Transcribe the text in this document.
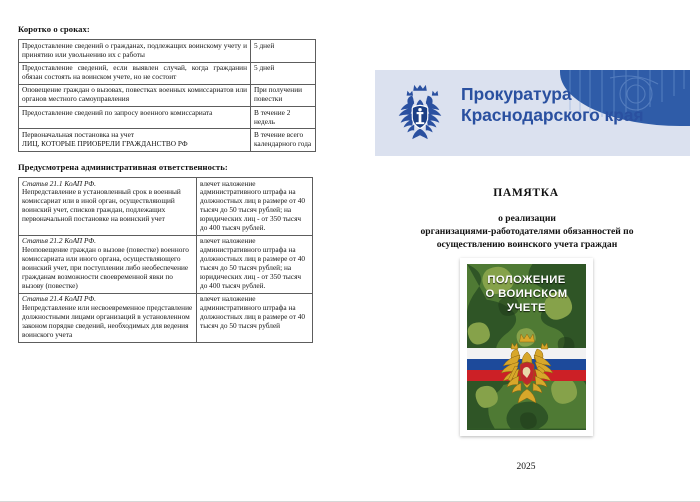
Коротко о сроках:
Предоставление сведений о гражданах, подлежащих воинскому учету и принятию или увольнению их с работы	5 дней
Предоставление сведений, если выявлен случай, когда гражданин обязан состоять на воинском учете, но не состоит	5 дней
Оповещение граждан о вызовах, повестках военных комиссариатов или органов местного самоуправления	При получении повестки
Предоставление сведений по запросу военного комиссариата	В течение 2 недель

Первоначальная постановка на учет
ЛИЦ, КОТОРЫЕ ПРИОБРЕЛИ ГРАЖДАНСТВО РФ	В течение всего календарного года
Предусмотрена административная ответственность:
Статья 21.1 КоАП РФ.
Непредставление в установленный срок в военный комиссариат или в иной орган, осуществляющий воинский учет, списков граждан, подлежащих первоначальной постановке на воинский учет	влечет наложение административного штрафа на должностных лиц в размере от 40 тысяч до 50 тысяч рублей; на юридических лиц - от 350 тысяч до 400 тысяч рублей.

Статья 21.2 КоАП РФ.
Неоповещение граждан о вызове (повестке) военного комиссариата или иного органа, осуществляющего воинский учет, при поступлении либо необеспечение гражданам возможности своевременной явки по вызову (повестке)	влечет наложение административного штрафа на должностных лиц в размере от 40 тысяч до 50 тысяч рублей; на юридических лиц - от 350 тысяч до 400 тысяч рублей.

Статья 21.4 КоАП РФ.
Непредставление или несвоевременное представление должностными лицами организаций в установленном законом порядке сведений, необходимых для ведения воинского учета	влечет наложение административного штрафа на должностных лиц в размере от 40 тысяч до 50 тысяч рублей
Прокуратура
Краснодарского края
ПАМЯТКА
о реализации
организациями-работодателями обязанностей по
осуществлению воинского учета граждан
ПОЛОЖЕНИЕ
О ВОИНСКОМ
УЧЕТЕ
2025
